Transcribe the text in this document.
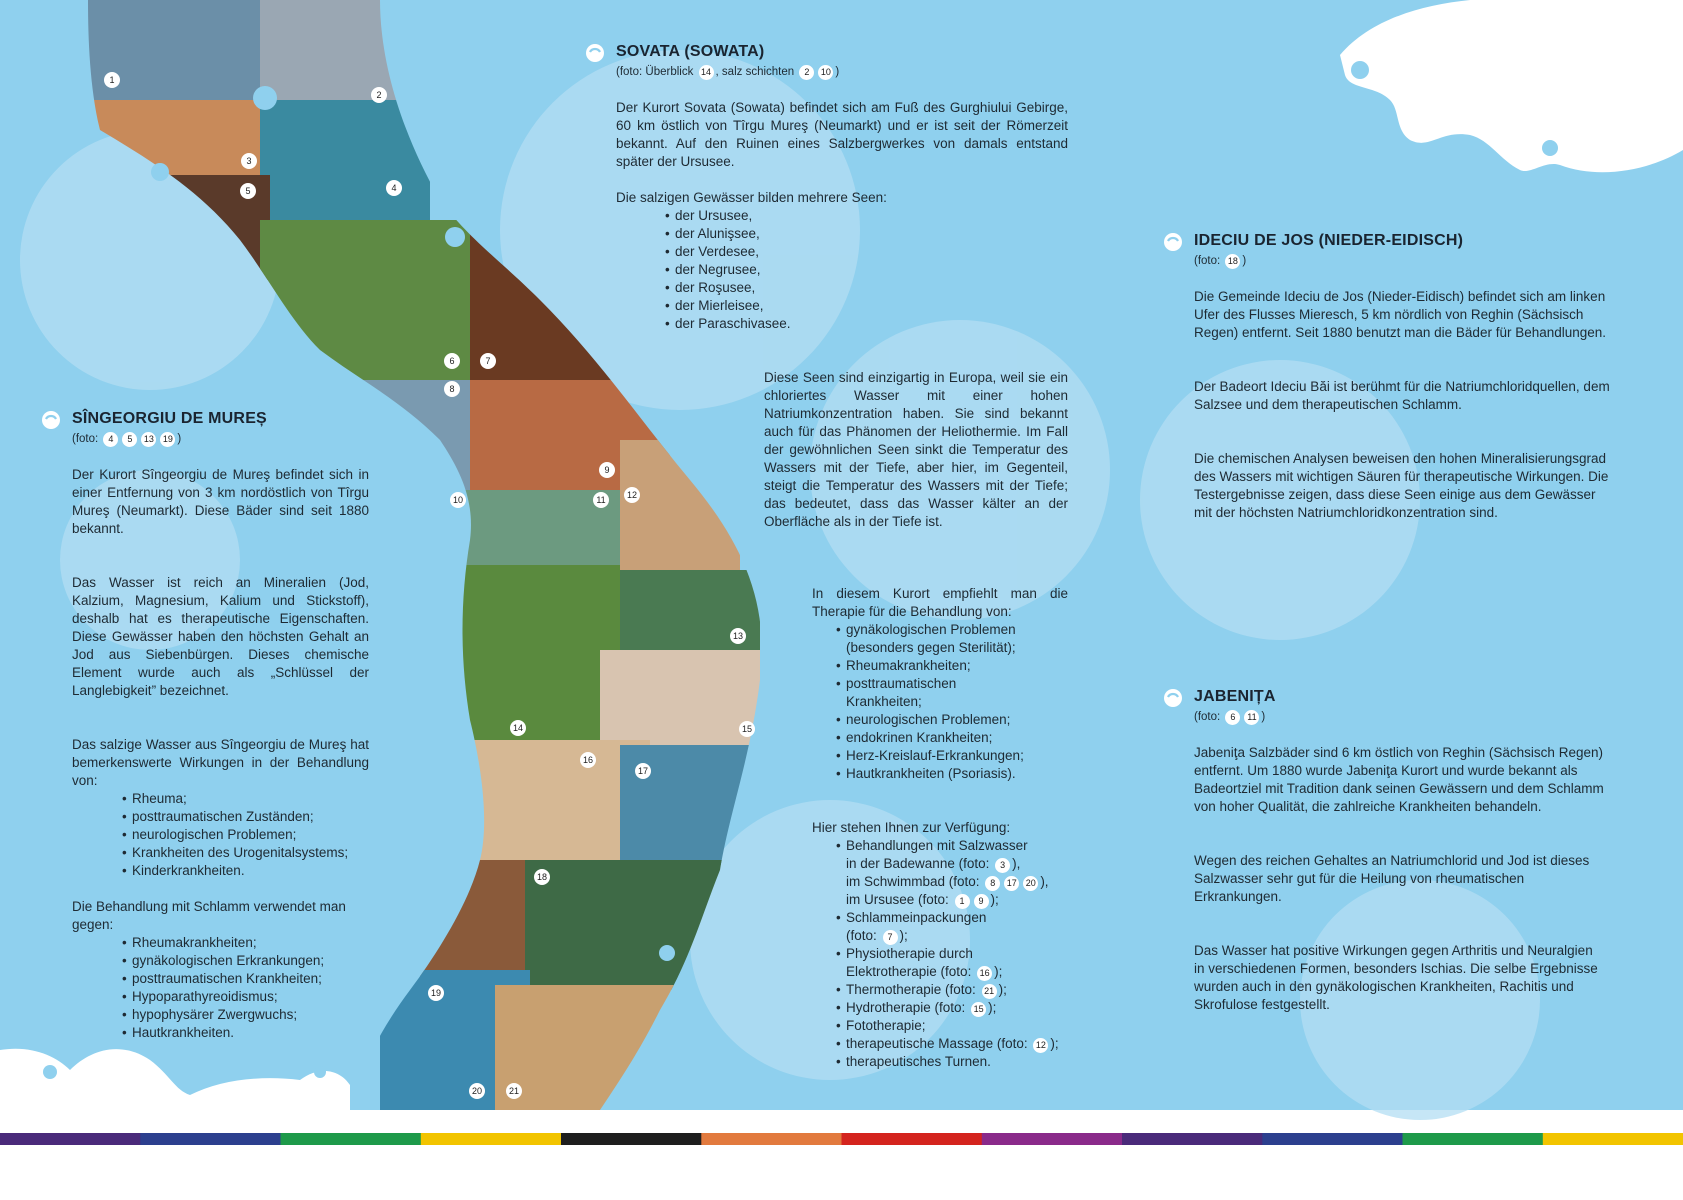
1
2
3
4
5
6	7
8
9
10	11 12
13
14	15
16
17
18
19
20	21
SÎNGEORGIU DE MUREȘ
(foto: 4 5 13 19 )

Der Kurort Sîngeorgiu de Mureş befindet sich in einer Entfernung von 3 km nordöstlich von Tîrgu Mureş (Neumarkt). Diese Bäder sind seit 1880 bekannt.

Das Wasser ist reich an Mineralien (Jod, Kalzium, Magnesium, Kalium und Stickstoff), deshalb hat es therapeutische Eigenschaften. Diese Gewässer haben den höchsten Gehalt an Jod aus Siebenbürgen. Dieses chemische Element wurde auch als „Schlüssel der Langlebigkeit” bezeichnet.

Das salzige Wasser aus Sîngeorgiu de Mureş hat bemerkenswerte Wirkungen in der Behandlung von:

• Rheuma;
• posttraumatischen Zuständen;
• neurologischen Problemen;
• Krankheiten des Urogenitalsystems;
• Kinderkrankheiten.

Die Behandlung mit Schlamm verwendet man gegen:

• Rheumakrankheiten;
• gynäkologischen Erkrankungen;
• posttraumatischen Krankheiten;
• Hypoparathyreoidismus;
• hypophysärer Zwergwuchs;
• Hautkrankheiten.
SOVATA (SOWATA)
(foto: Überblick 14 , salz schichten 2 10 )

Der Kurort Sovata (Sowata) befindet sich am Fuß des Gurghiului Gebirge, 60 km östlich von Tîrgu Mureş (Neumarkt) und er ist seit der Römerzeit bekannt. Auf den Ruinen eines Salzbergwerkes von damals entstand später der Ursusee.

Die salzigen Gewässer bilden mehrere Seen:

• der Ursusee,
• der Alunişsee,
• der Verdesee,
• der Negrusee,
• der Roşusee,
• der Mierleisee,
• der Paraschivasee.

Diese Seen sind einzigartig in Europa, weil sie ein chloriertes Wasser mit einer hohen Natriumkonzentration haben. Sie sind bekannt auch für das Phänomen der Heliothermie. Im Fall der gewöhnlichen Seen sinkt die Temperatur des Wassers mit der Tiefe, aber hier, im Gegenteil, steigt die Temperatur des Wassers mit der Tiefe; das bedeutet, dass das Wasser kälter an der Oberfläche als in der Tiefe ist.

In diesem Kurort empfiehlt man die Therapie für die Behandlung von:

• gynäkologischen Problemen (besonders gegen Sterilität);
• Rheumakrankheiten;
• posttraumatischen Krankheiten;
• neurologischen Problemen;
• endokrinen Krankheiten;
• Herz-Kreislauf-Erkrankungen;
• Hautkrankheiten (Psoriasis).

Hier stehen Ihnen zur Verfügung:

• Behandlungen mit Salzwasser
in der Badewanne (foto: 3 ),
im Schwimmbad (foto: 8 17 20 ),
im Ursusee (foto: 1 9 );
• Schlammeinpackungen
(foto: 7 );
• Physiotherapie durch
Elektrotherapie (foto: 16 );
• Thermotherapie (foto: 21 );
• Hydrotherapie (foto: 15 );
• Fototherapie;
• therapeutische Massage (foto: 12 );
• therapeutisches Turnen.
IDECIU DE JOS (NIEDER-EIDISCH)
(foto: 18 )

Die Gemeinde Ideciu de Jos (Nieder-Eidisch) befindet sich am linken Ufer des Flusses Mieresch, 5 km nördlich von Reghin (Sächsisch Regen) entfernt. Seit 1880 benutzt man die Bäder für Behandlungen.

Der Badeort Ideciu Băi ist berühmt für die Natriumchloridquellen, dem Salzsee und dem therapeutischen Schlamm.

Die chemischen Analysen beweisen den hohen Mineralisierungsgrad des Wassers mit wichtigen Säuren für therapeutische Wirkungen. Die Testergebnisse zeigen, dass diese Seen einige aus dem Gewässer mit der höchsten Natriumchloridkonzentration sind.

JABENIȚA
(foto: 6 11 )

Jabeniţa Salzbäder sind 6 km östlich von Reghin (Sächsisch Regen) entfernt. Um 1880 wurde Jabeniţa Kurort und wurde bekannt als Badeortziel mit Tradition dank seinen Gewässern und dem Schlamm von hoher Qualität, die zahlreiche Krankheiten behandeln.

Wegen des reichen Gehaltes an Natriumchlorid und Jod ist dieses Salzwasser sehr gut für die Heilung von rheumatischen Erkrankungen.

Das Wasser hat positive Wirkungen gegen Arthritis und Neuralgien in verschiedenen Formen, besonders Ischias. Die selbe Ergebnisse wurden auch in den gynäkologischen Krankheiten, Rachitis und Skrofulose festgestellt.
